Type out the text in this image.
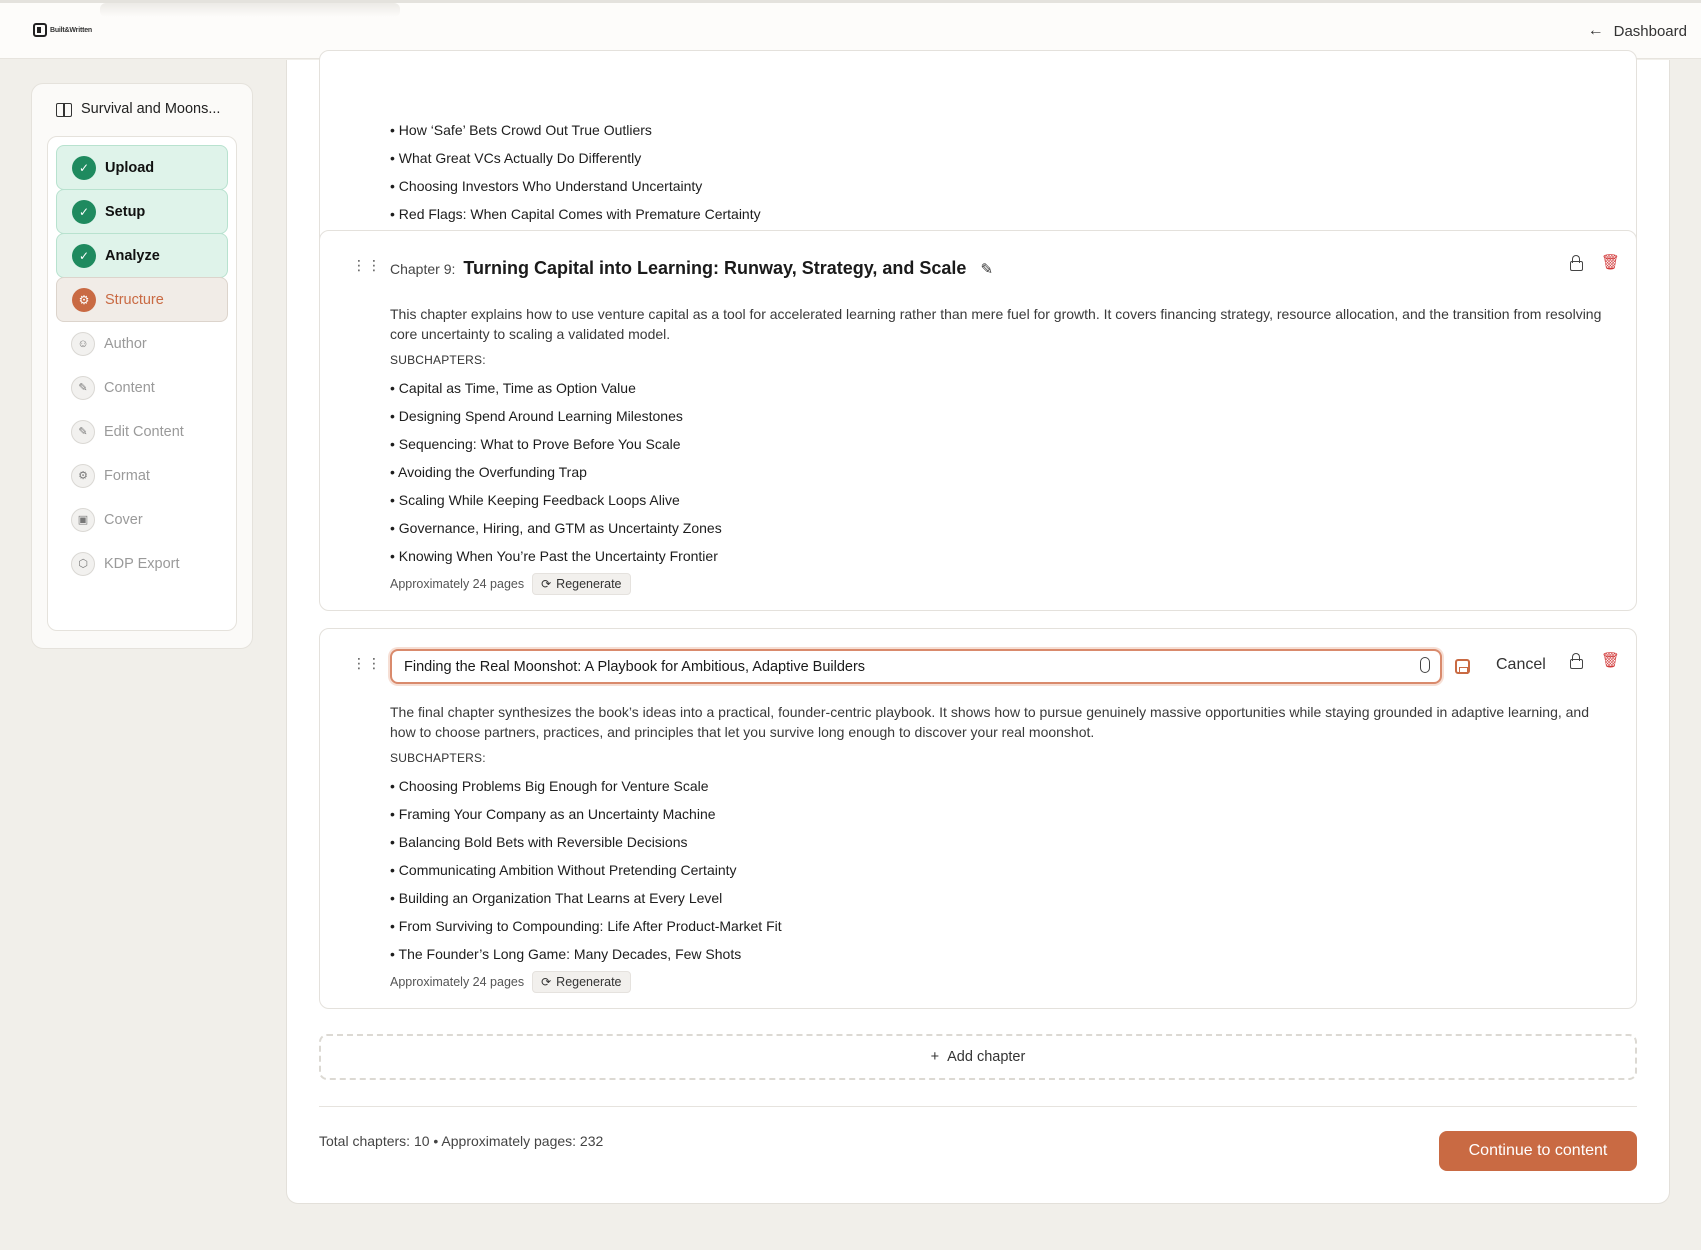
Built&Written	← Dashboard
Survival and Moons...
✓	Upload
✓	Setup
✓	Analyze
⚙	Structure
☺	Author
✎	Content
✎	Edit Content
⚙	Format
▣	Cover
⬡	KDP Export
• How ‘Safe’ Bets Crowd Out True Outliers
• What Great VCs Actually Do Differently
• Choosing Investors Who Understand Uncertainty
• Red Flags: When Capital Comes with Premature Certainty
⋮⋮ Chapter 9: Turning Capital into Learning: Runway, Strategy, and Scale ✎	🗑

This chapter explains how to use venture capital as a tool for accelerated learning rather than mere fuel for growth. It covers financing strategy, resource allocation, and the transition from resolving core uncertainty to scaling a validated model.

SUBCHAPTERS:
• Capital as Time, Time as Option Value
• Designing Spend Around Learning Milestones
• Sequencing: What to Prove Before You Scale
• Avoiding the Overfunding Trap
• Scaling While Keeping Feedback Loops Alive
• Governance, Hiring, and GTM as Uncertainty Zones
• Knowing When You’re Past the Uncertainty Frontier
Approximately 24 pages ⟳ Regenerate
⋮⋮
Finding the Real Moonshot: A Playbook for Ambitious, Adaptive Builders	Cancel	🗑

The final chapter synthesizes the book’s ideas into a practical, founder-centric playbook. It shows how to pursue genuinely massive opportunities while staying grounded in adaptive learning, and how to choose partners, practices, and principles that let you survive long enough to discover your real moonshot.

SUBCHAPTERS:
• Choosing Problems Big Enough for Venture Scale
• Framing Your Company as an Uncertainty Machine
• Balancing Bold Bets with Reversible Decisions
• Communicating Ambition Without Pretending Certainty
• Building an Organization That Learns at Every Level
• From Surviving to Compounding: Life After Product-Market Fit
• The Founder’s Long Game: Many Decades, Few Shots
Approximately 24 pages ⟳ Regenerate
+ Add chapter
Total chapters: 10 • Approximately pages: 232
Continue to content
